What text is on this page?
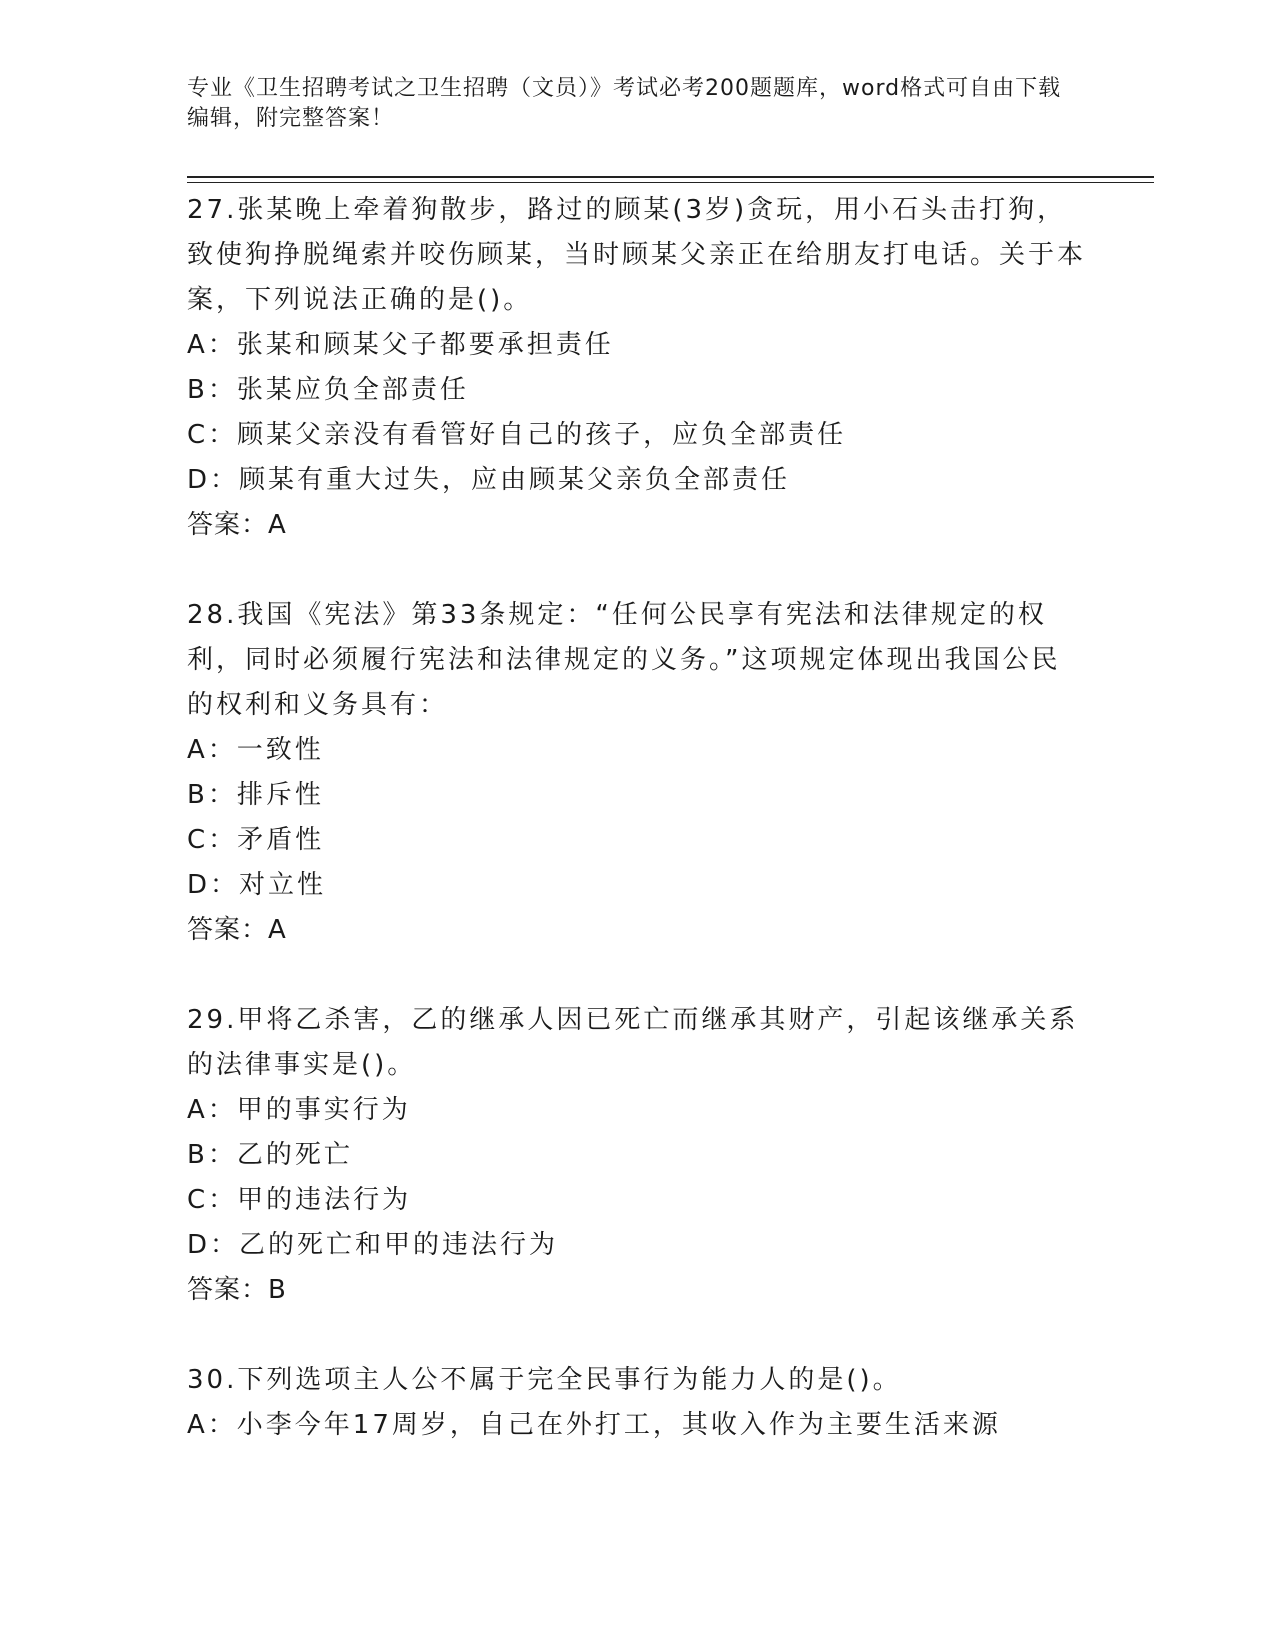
专业《卫生招聘考试之卫生招聘（文员）》考试必考200题题库，word格式可自由下载编辑，附完整答案！

27.张某晚上牵着狗散步，路过的顾某(3岁)贪玩，用小石头击打狗，致使狗挣脱绳索并咬伤顾某，当时顾某父亲正在给朋友打电话。关于本案，下列说法正确的是()。

A：张某和顾某父子都要承担责任
B：张某应负全部责任
C：顾某父亲没有看管好自己的孩子，应负全部责任
D：顾某有重大过失，应由顾某父亲负全部责任
答案：A

28.我国《宪法》第33条规定：“任何公民享有宪法和法律规定的权利，同时必须履行宪法和法律规定的义务。”这项规定体现出我国公民的权利和义务具有：

A：一致性
B：排斥性
C：矛盾性
D：对立性
答案：A

29.甲将乙杀害，乙的继承人因已死亡而继承其财产，引起该继承关系的法律事实是()。

A：甲的事实行为
B：乙的死亡
C：甲的违法行为
D：乙的死亡和甲的违法行为
答案：B

30.下列选项主人公不属于完全民事行为能力人的是()。

A：小李今年17周岁，自己在外打工，其收入作为主要生活来源
